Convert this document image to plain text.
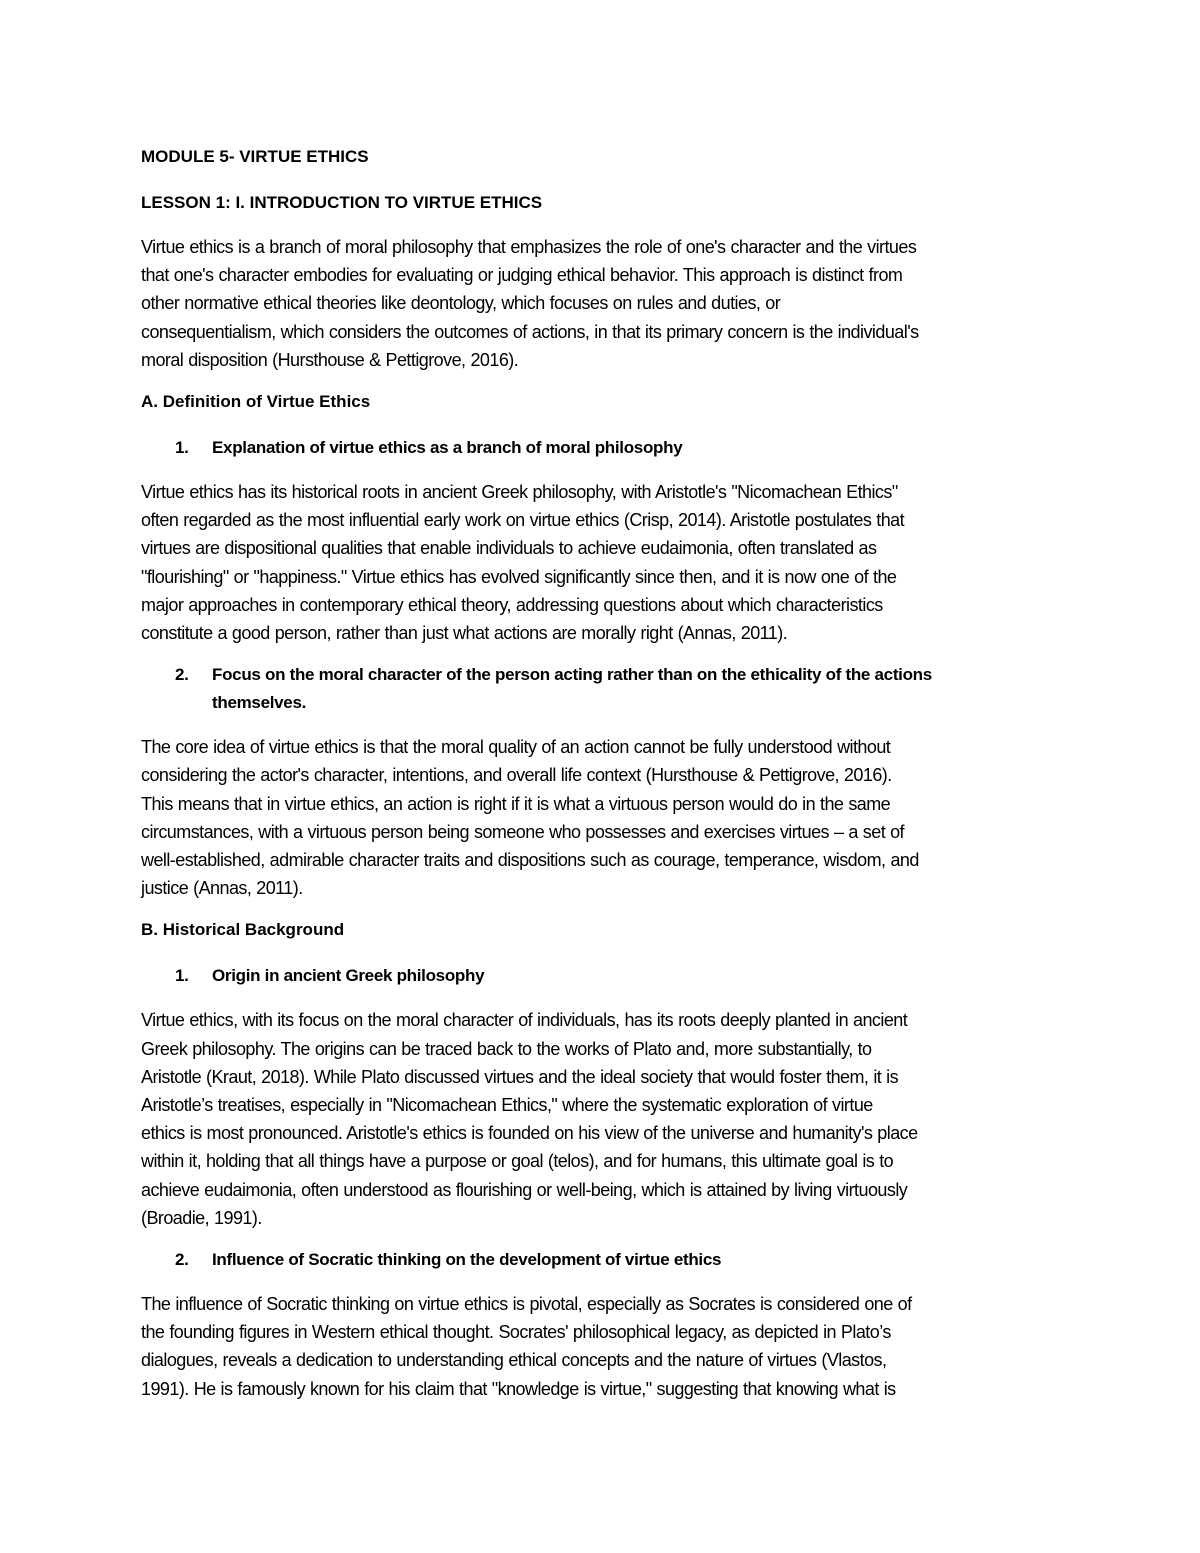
MODULE 5- VIRTUE ETHICS
LESSON 1: I. INTRODUCTION TO VIRTUE ETHICS
Virtue ethics is a branch of moral philosophy that emphasizes the role of one's character and the virtues
that one's character embodies for evaluating or judging ethical behavior. This approach is distinct from
other normative ethical theories like deontology, which focuses on rules and duties, or
consequentialism, which considers the outcomes of actions, in that its primary concern is the individual's
moral disposition (Hursthouse & Pettigrove, 2016).
A. Definition of Virtue Ethics
1.	Explanation of virtue ethics as a branch of moral philosophy
Virtue ethics has its historical roots in ancient Greek philosophy, with Aristotle's "Nicomachean Ethics"
often regarded as the most influential early work on virtue ethics (Crisp, 2014). Aristotle postulates that
virtues are dispositional qualities that enable individuals to achieve eudaimonia, often translated as
"flourishing" or "happiness." Virtue ethics has evolved significantly since then, and it is now one of the
major approaches in contemporary ethical theory, addressing questions about which characteristics
constitute a good person, rather than just what actions are morally right (Annas, 2011).
2.	Focus on the moral character of the person acting rather than on the ethicality of the actions
themselves.
The core idea of virtue ethics is that the moral quality of an action cannot be fully understood without
considering the actor's character, intentions, and overall life context (Hursthouse & Pettigrove, 2016).
This means that in virtue ethics, an action is right if it is what a virtuous person would do in the same
circumstances, with a virtuous person being someone who possesses and exercises virtues – a set of
well-established, admirable character traits and dispositions such as courage, temperance, wisdom, and
justice (Annas, 2011).
B. Historical Background
1.	Origin in ancient Greek philosophy
Virtue ethics, with its focus on the moral character of individuals, has its roots deeply planted in ancient
Greek philosophy. The origins can be traced back to the works of Plato and, more substantially, to
Aristotle (Kraut, 2018). While Plato discussed virtues and the ideal society that would foster them, it is
Aristotle’s treatises, especially in "Nicomachean Ethics," where the systematic exploration of virtue
ethics is most pronounced. Aristotle's ethics is founded on his view of the universe and humanity's place
within it, holding that all things have a purpose or goal (telos), and for humans, this ultimate goal is to
achieve eudaimonia, often understood as flourishing or well-being, which is attained by living virtuously
(Broadie, 1991).
2.	Influence of Socratic thinking on the development of virtue ethics
The influence of Socratic thinking on virtue ethics is pivotal, especially as Socrates is considered one of
the founding figures in Western ethical thought. Socrates' philosophical legacy, as depicted in Plato’s
dialogues, reveals a dedication to understanding ethical concepts and the nature of virtues (Vlastos,
1991). He is famously known for his claim that "knowledge is virtue," suggesting that knowing what is
